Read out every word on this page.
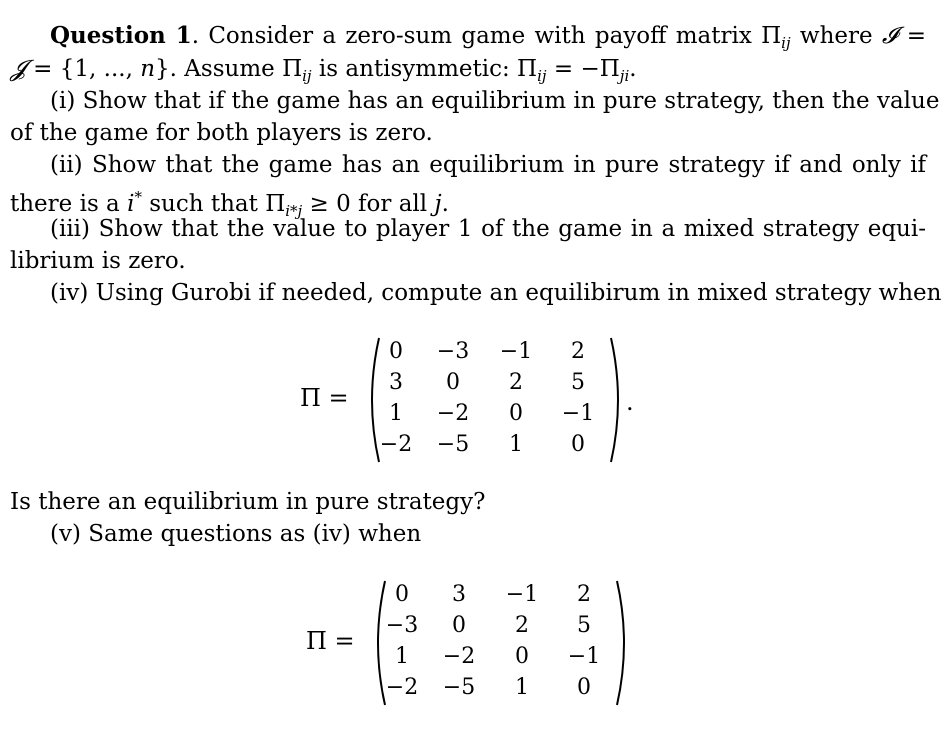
Question 1. Consider a zero-sum game with payoff matrix $\Pi_{ij}$ where 𝓘 =
𝓙 = {1, ..., n}. Assume $\Pi_{ij}$ is antisymmetic: $\Pi_{ij} = -\Pi_{ji}$.
(i) Show that if the game has an equilibrium in pure strategy, then the value
of the game for both players is zero.
(ii) Show that the game has an equilibrium in pure strategy if and only if
there is a i* such that $\Pi_{i*j} \ge 0$ for all j.
(iii) Show that the value to player 1 of the game in a mixed strategy equi-
librium is zero.
(iv) Using Gurobi if needed, compute an equilibirum in mixed strategy when
Π =
0 −3 −1 2
3 0 2 5
1 −2 0 −1
−2 −5 1 0
.
Is there an equilibrium in pure strategy?
(v) Same questions as (iv) when
Π =
0 3 −1 2
−3 0 2 5
1 −2 0 −1
−2 −5 1 0
